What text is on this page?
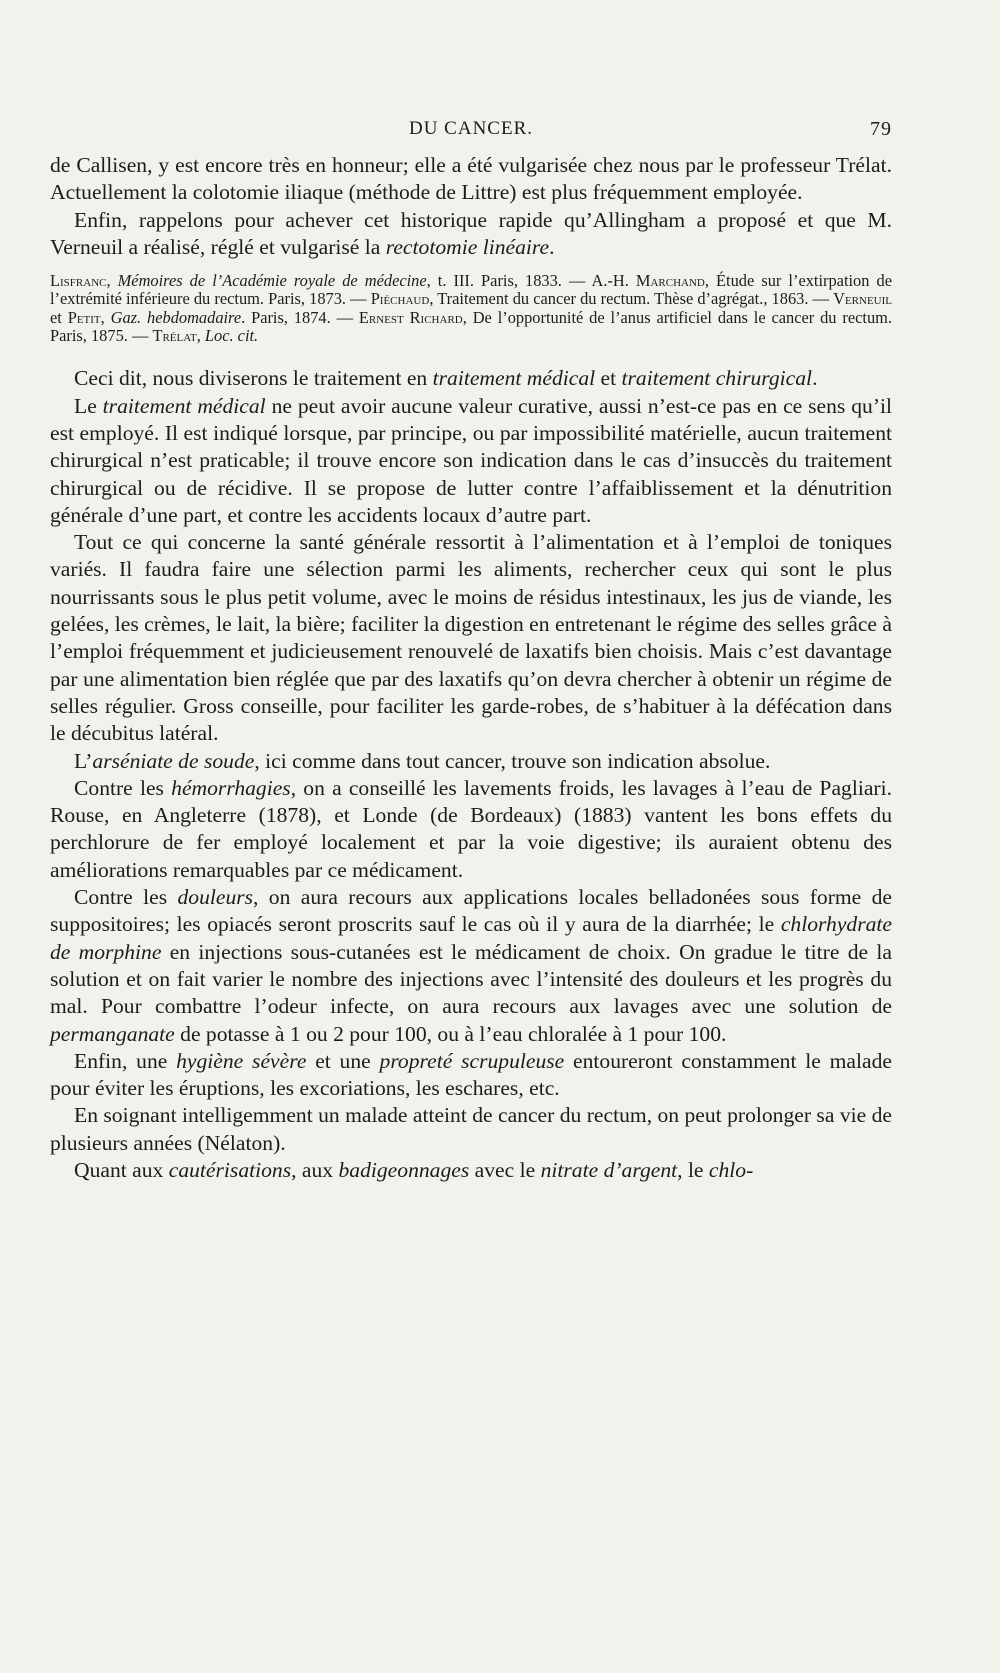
DU CANCER.	79

de Callisen, y est encore très en honneur; elle a été vulgarisée chez nous par le professeur Trélat. Actuellement la colotomie iliaque (méthode de Littre) est plus fréquemment employée.

Enfin, rappelons pour achever cet historique rapide qu’Allingham a proposé et que M. Verneuil a réalisé, réglé et vulgarisé la rectotomie linéaire.

Lisfranc, Mémoires de l’Académie royale de médecine, t. III. Paris, 1833. — A.-H. Marchand, Étude sur l’extirpation de l’extrémité inférieure du rectum. Paris, 1873. — Piéchaud, Traitement du cancer du rectum. Thèse d’agrégat., 1863. — Verneuil et Petit, Gaz. hebdomadaire. Paris, 1874. — Ernest Richard, De l’opportunité de l’anus artificiel dans le cancer du rectum. Paris, 1875. — Trélat, Loc. cit.

Ceci dit, nous diviserons le traitement en traitement médical et traitement chirurgical.

Le traitement médical ne peut avoir aucune valeur curative, aussi n’est-ce pas en ce sens qu’il est employé. Il est indiqué lorsque, par principe, ou par impossibilité matérielle, aucun traitement chirurgical n’est praticable; il trouve encore son indication dans le cas d’insuccès du traitement chirurgical ou de récidive. Il se propose de lutter contre l’affaiblissement et la dénutrition générale d’une part, et contre les accidents locaux d’autre part.

Tout ce qui concerne la santé générale ressortit à l’alimentation et à l’emploi de toniques variés. Il faudra faire une sélection parmi les aliments, rechercher ceux qui sont le plus nourrissants sous le plus petit volume, avec le moins de résidus intestinaux, les jus de viande, les gelées, les crèmes, le lait, la bière; faciliter la digestion en entretenant le régime des selles grâce à l’emploi fréquemment et judicieusement renouvelé de laxatifs bien choisis. Mais c’est davantage par une alimentation bien réglée que par des laxatifs qu’on devra chercher à obtenir un régime de selles régulier. Gross conseille, pour faciliter les garde-robes, de s’habituer à la défécation dans le décubitus latéral.

L’arséniate de soude, ici comme dans tout cancer, trouve son indication absolue.

Contre les hémorrhagies, on a conseillé les lavements froids, les lavages à l’eau de Pagliari. Rouse, en Angleterre (1878), et Londe (de Bordeaux) (1883) vantent les bons effets du perchlorure de fer employé localement et par la voie digestive; ils auraient obtenu des améliorations remarquables par ce médicament.

Contre les douleurs, on aura recours aux applications locales belladonées sous forme de suppositoires; les opiacés seront proscrits sauf le cas où il y aura de la diarrhée; le chlorhydrate de morphine en injections sous-cutanées est le médicament de choix. On gradue le titre de la solution et on fait varier le nombre des injections avec l’intensité des douleurs et les progrès du mal. Pour combattre l’odeur infecte, on aura recours aux lavages avec une solution de permanganate de potasse à 1 ou 2 pour 100, ou à l’eau chloralée à 1 pour 100.

Enfin, une hygiène sévère et une propreté scrupuleuse entoureront constamment le malade pour éviter les éruptions, les excoriations, les eschares, etc.

En soignant intelligemment un malade atteint de cancer du rectum, on peut prolonger sa vie de plusieurs années (Nélaton).

Quant aux cautérisations, aux badigeonnages avec le nitrate d’argent, le chlo-
